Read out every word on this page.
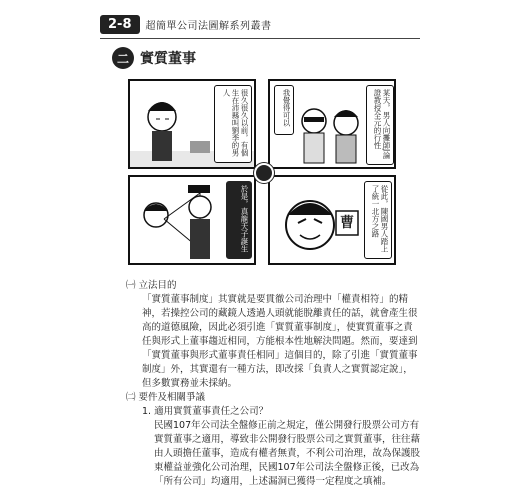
2-8	超簡單公司法圖解系列叢書
二 實質董事
很久很久以前，有個生在沛縣叫劉季的男人	我覺得可以	某天，男人向攤師J論證教授全元的行性
於是，真龍天子誕生	曹	從此，陳國男人踏上了統一北方之路
㈠ 立法目的
「實質董事制度」其實就是要貫徹公司治理中「權責相符」的精神，若操控公司的藏鏡人透過人頭就能脫離責任的話，就會產生很高的道德風險，因此必須引進「實質董事制度」，使實質董事之責任與形式上董事趨近相同，方能根本性地解決問題。然而，要達到「實質董事與形式董事責任相同」這個目的，除了引進「實質董事制度」外，其實還有一種方法，即改採「負責人之實質認定說」，但多數實務並未採納。
㈡ 要件及相關爭議
1. 適用實質董事責任之公司？
民國107年公司法全盤修正前之規定，僅公開發行股票公司方有實質董事之適用，導致非公開發行股票公司之實質董事，往往藉由人頭擔任董事，造成有權者無責，不利公司治理，故為保護股東權益並強化公司治理，民國107年公司法全盤修正後，已改為「所有公司」均適用，上述漏洞已獲得一定程度之填補。
